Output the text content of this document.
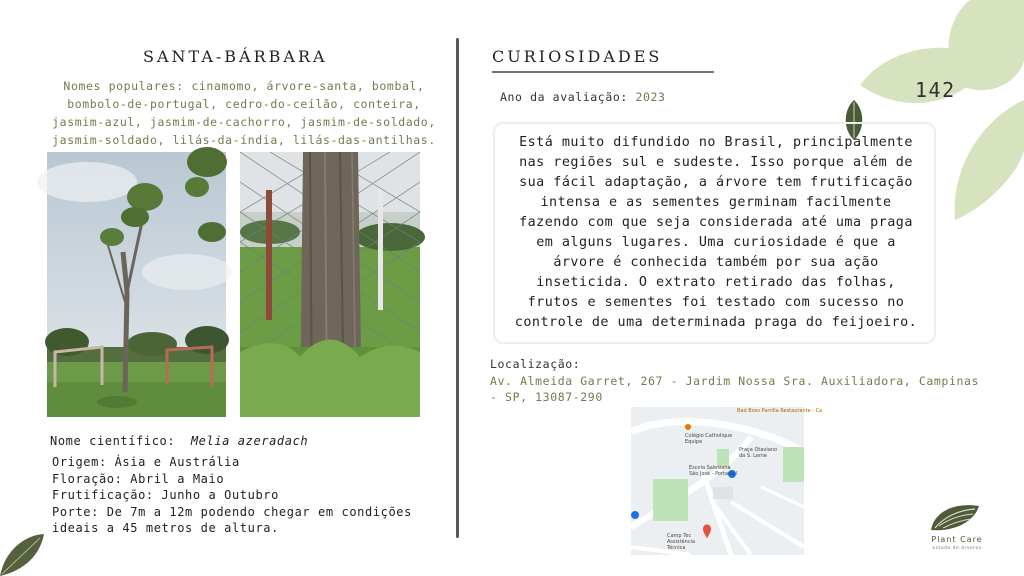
142
SANTA-BÁRBARA
Nomes populares: cinamomo, árvore-santa, bombal, bombolo-de-portugal, cedro-do-ceilão, conteira, jasmim-azul, jasmim-de-cachorro, jasmim-de-soldado, jasmim-soldado, lilás-da-índia, lilás-das-antilhas.
Nome científico: Melia azeradach
Origem: Ásia e Austrália
Floração: Abril a Maio
Frutificação: Junho a Outubro
Porte: De 7m a 12m podendo chegar em condições
ideais a 45 metros de altura.
CURIOSIDADES
Ano da avaliação: 2023
Está muito difundido no Brasil, principalmente nas regiões sul e sudeste. Isso porque além de sua fácil adaptação, a árvore tem frutificação intensa e as sementes germinam facilmente fazendo com que seja considerada até uma praga em alguns lugares. Uma curiosidade é que a árvore é conhecida também por sua ação inseticida. O extrato retirado das folhas, frutos e sementes foi testado com sucesso no controle de uma determinada praga do feijoeiro.
Localização:
Av. Almeida Garret, 267 - Jardim Nossa Sra. Auxiliadora, Campinas - SP, 13087-290
Bad Boss Parrilla Restaurante - Ca
Colégio Catholique Equipe
Praça Otaviano da S. Leme
Escola Salesiana São José - Portaria I
Camp Tec Assistência Técnica
Plant Care
estudo de árvores
